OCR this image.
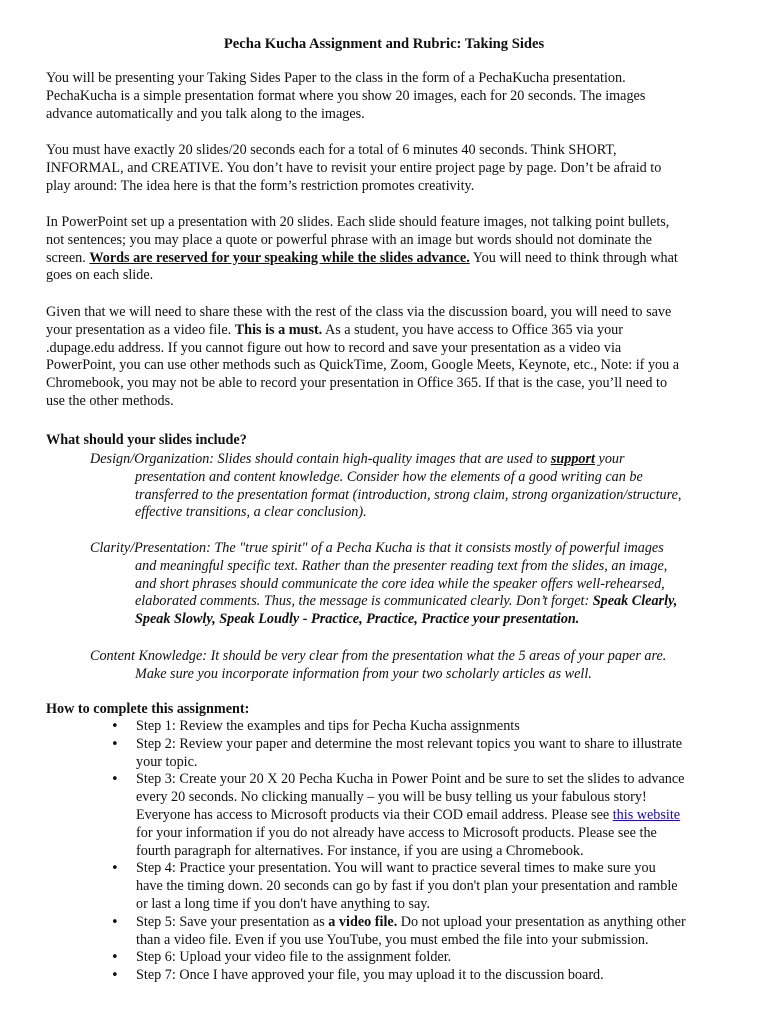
Pecha Kucha Assignment and Rubric: Taking Sides

You will be presenting your Taking Sides Paper to the class in the form of a PechaKucha presentation.
PechaKucha is a simple presentation format where you show 20 images, each for 20 seconds. The images
advance automatically and you talk along to the images.

You must have exactly 20 slides/20 seconds each for a total of 6 minutes 40 seconds. Think SHORT,
INFORMAL, and CREATIVE. You don’t have to revisit your entire project page by page. Don’t be afraid to
play around: The idea here is that the form’s restriction promotes creativity.

In PowerPoint set up a presentation with 20 slides. Each slide should feature images, not talking point bullets,
not sentences; you may place a quote or powerful phrase with an image but words should not dominate the
screen. Words are reserved for your speaking while the slides advance. You will need to think through what
goes on each slide.

Given that we will need to share these with the rest of the class via the discussion board, you will need to save
your presentation as a video file. This is a must. As a student, you have access to Office 365 via your
.dupage.edu address. If you cannot figure out how to record and save your presentation as a video via
PowerPoint, you can use other methods such as QuickTime, Zoom, Google Meets, Keynote, etc., Note: if you a
Chromebook, you may not be able to record your presentation in Office 365. If that is the case, you’ll need to
use the other methods.

What should your slides include?

Design/Organization: Slides should contain high-quality images that are used to support your
presentation and content knowledge. Consider how the elements of a good writing can be
transferred to the presentation format (introduction, strong claim, strong organization/structure,
effective transitions, a clear conclusion).

Clarity/Presentation: The "true spirit" of a Pecha Kucha is that it consists mostly of powerful images
and meaningful specific text. Rather than the presenter reading text from the slides, an image,
and short phrases should communicate the core idea while the speaker offers well-rehearsed,
elaborated comments. Thus, the message is communicated clearly. Don’t forget: Speak Clearly,
Speak Slowly, Speak Loudly - Practice, Practice, Practice your presentation.

Content Knowledge: It should be very clear from the presentation what the 5 areas of your paper are.
Make sure you incorporate information from your two scholarly articles as well.

How to complete this assignment:
• Step 1: Review the examples and tips for Pecha Kucha assignments
• Step 2: Review your paper and determine the most relevant topics you want to share to illustrate
your topic.
• Step 3: Create your 20 X 20 Pecha Kucha in Power Point and be sure to set the slides to advance
every 20 seconds. No clicking manually – you will be busy telling us your fabulous story!
Everyone has access to Microsoft products via their COD email address. Please see this website
for your information if you do not already have access to Microsoft products. Please see the
fourth paragraph for alternatives. For instance, if you are using a Chromebook.
• Step 4: Practice your presentation. You will want to practice several times to make sure you
have the timing down. 20 seconds can go by fast if you don't plan your presentation and ramble
or last a long time if you don't have anything to say.
• Step 5: Save your presentation as a video file. Do not upload your presentation as anything other
than a video file. Even if you use YouTube, you must embed the file into your submission.
• Step 6: Upload your video file to the assignment folder.
• Step 7: Once I have approved your file, you may upload it to the discussion board.
